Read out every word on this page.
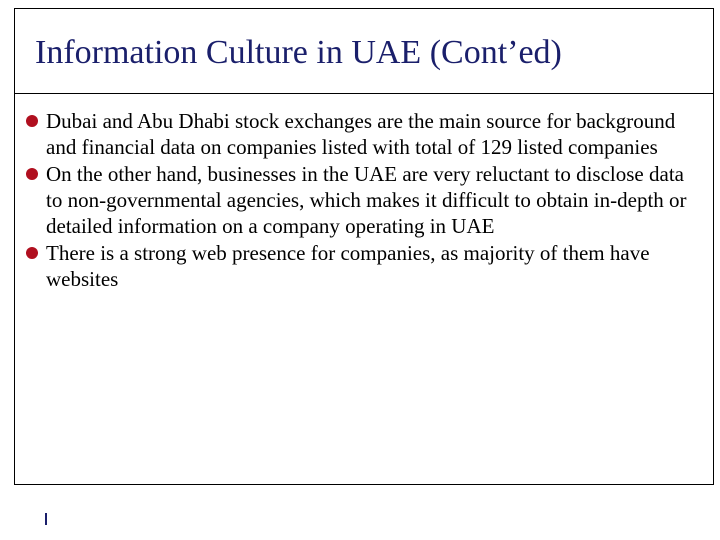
Information Culture in UAE (Cont’ed)
Dubai and Abu Dhabi stock exchanges are the main source for background and financial data on companies listed with total of 129 listed companies
On the other hand, businesses in the UAE are very reluctant to disclose data to non-governmental agencies, which makes it difficult to obtain in-depth or detailed information on a company operating in UAE
There is a strong web presence for companies, as majority of them have websites
